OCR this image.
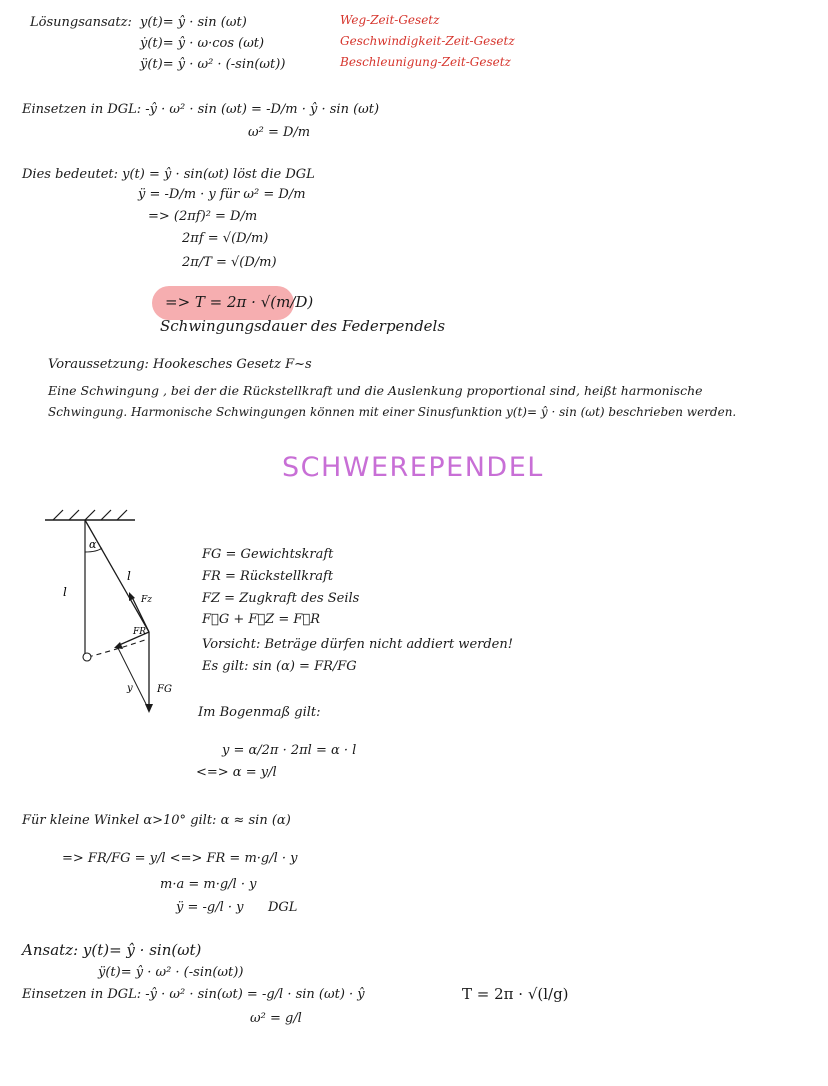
Lösungsansatz: y(t)= ŷ · sin (ωt)
ẏ(t)= ŷ · ω·cos (ωt)
ÿ(t)= ŷ · ω² · (-sin(ωt))
Weg-Zeit-Gesetz
Geschwindigkeit-Zeit-Gesetz
Beschleunigung-Zeit-Gesetz
Einsetzen in DGL: -ŷ · ω² · sin (ωt) = -D/m · ŷ · sin (ωt)
ω² = D/m
Dies bedeutet: y(t) = ŷ · sin(ωt) löst die DGL
ÿ = -D/m · y für ω² = D/m
=> (2πf)² = D/m
2πf = √(D/m)
2π/T = √(D/m)
=> T = 2π · √(m/D)
Schwingungsdauer des Federpendels
Voraussetzung: Hookesches Gesetz F~s
Eine Schwingung , bei der die Rückstellkraft und die Auslenkung proportional sind, heißt harmonische
Schwingung. Harmonische Schwingungen können mit einer Sinusfunktion y(t)= ŷ · sin (ωt) beschrieben werden.
SCHWEREPENDEL
α
l
l
Fz
FR
FG
y
FG = Gewichtskraft
FR = Rückstellkraft
FZ = Zugkraft des Seils
F⃗G + F⃗Z = F⃗R
Vorsicht: Beträge dürfen nicht addiert werden!
Es gilt: sin (α) = FR/FG
Im Bogenmaß gilt:
y = α/2π · 2πl = α · l
<=> α = y/l
Für kleine Winkel α>10° gilt: α ≈ sin (α)
=> FR/FG = y/l <=> FR = m·g/l · y
m·a = m·g/l · y
ÿ = -g/l · y DGL
Ansatz: y(t)= ŷ · sin(ωt)
ÿ(t)= ŷ · ω² · (-sin(ωt))
Einsetzen in DGL: -ŷ · ω² · sin(ωt) = -g/l · sin (ωt) · ŷ
ω² = g/l
T = 2π · √(l/g)
